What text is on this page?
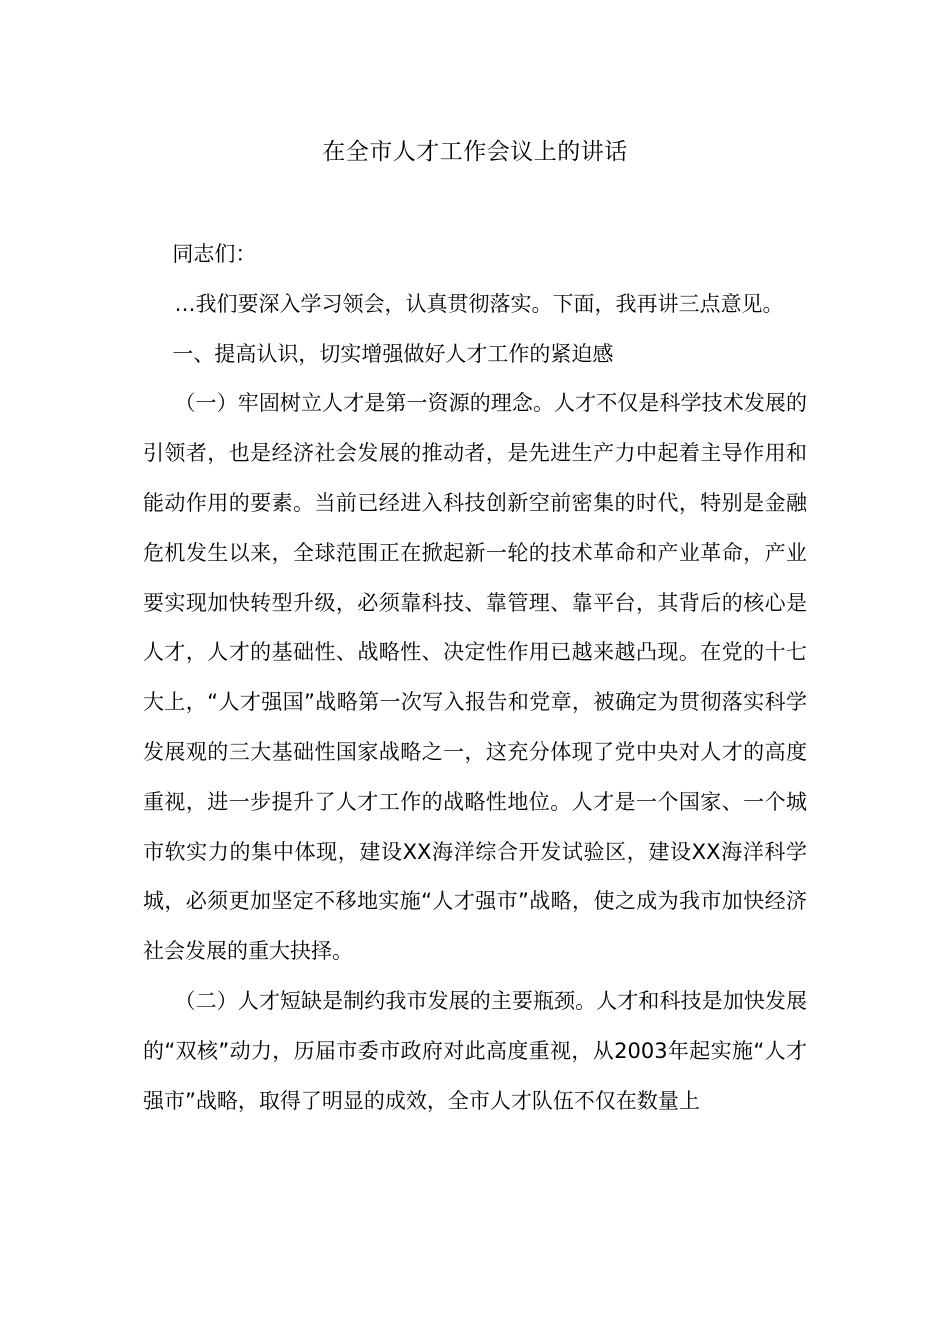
在全市人才工作会议上的讲话

同志们：

…我们要深入学习领会，认真贯彻落实。下面，我再讲三点意见。

一、提高认识，切实增强做好人才工作的紧迫感

（一）牢固树立人才是第一资源的理念。人才不仅是科学技术发展的引领者，也是经济社会发展的推动者，是先进生产力中起着主导作用和能动作用的要素。当前已经进入科技创新空前密集的时代，特别是金融危机发生以来，全球范围正在掀起新一轮的技术革命和产业革命，产业要实现加快转型升级，必须靠科技、靠管理、靠平台，其背后的核心是人才，人才的基础性、战略性、决定性作用已越来越凸现。在党的十七大上，“人才强国”战略第一次写入报告和党章，被确定为贯彻落实科学发展观的三大基础性国家战略之一，这充分体现了党中央对人才的高度重视，进一步提升了人才工作的战略性地位。人才是一个国家、一个城市软实力的集中体现，建设XX海洋综合开发试验区，建设XX海洋科学城，必须更加坚定不移地实施“人才强市”战略，使之成为我市加快经济社会发展的重大抉择。

（二）人才短缺是制约我市发展的主要瓶颈。人才和科技是加快发展的“双核”动力，历届市委市政府对此高度重视，从2003年起实施“人才强市”战略，取得了明显的成效，全市人才队伍不仅在数量上
